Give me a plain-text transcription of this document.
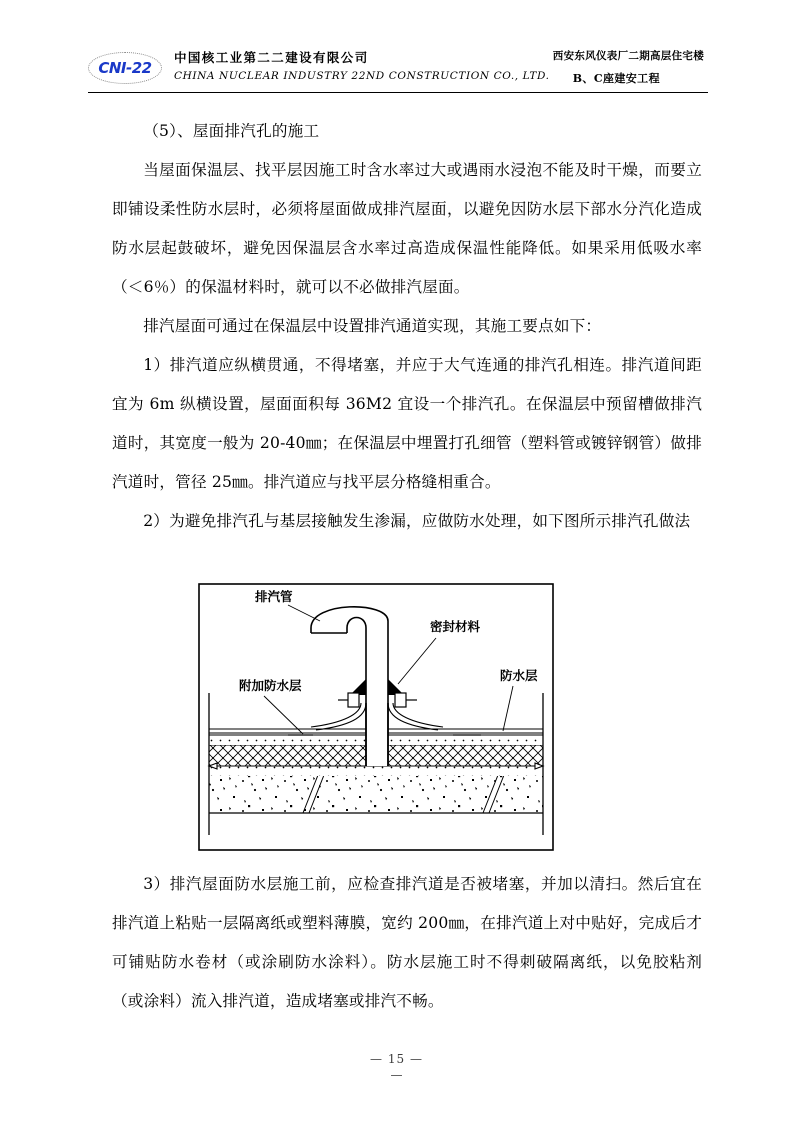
CNI-22
中国核工业第二二建设有限公司
CHINA NUCLEAR INDUSTRY 22ND CONSTRUCTION CO., LTD.
西安东风仪表厂二期高层住宅楼
B、C座建安工程

（5）、屋面排汽孔的施工

当屋面保温层、找平层因施工时含水率过大或遇雨水浸泡不能及时干燥，而要立即铺设柔性防水层时，必须将屋面做成排汽屋面，以避免因防水层下部水分汽化造成防水层起鼓破坏，避免因保温层含水率过高造成保温性能降低。如果采用低吸水率（＜6％）的保温材料时，就可以不必做排汽屋面。

排汽屋面可通过在保温层中设置排汽通道实现，其施工要点如下：

1）排汽道应纵横贯通，不得堵塞，并应于大气连通的排汽孔相连。排汽道间距宜为 6m 纵横设置，屋面面积每 36M2 宜设一个排汽孔。在保温层中预留槽做排汽道时，其宽度一般为 20-40㎜；在保温层中埋置打孔细管（塑料管或镀锌钢管）做排汽道时，管径 25㎜。排汽道应与找平层分格缝相重合。

2）为避免排汽孔与基层接触发生渗漏，应做防水处理，如下图所示排汽孔做法

排汽管
密封材料
防水层
附加防水层

3）排汽屋面防水层施工前，应检查排汽道是否被堵塞，并加以清扫。然后宜在排汽道上粘贴一层隔离纸或塑料薄膜，宽约 200㎜，在排汽道上对中贴好，完成后才可铺贴防水卷材（或涂刷防水涂料）。防水层施工时不得刺破隔离纸，以免胶粘剂（或涂料）流入排汽道，造成堵塞或排汽不畅。

— 15 —
—
